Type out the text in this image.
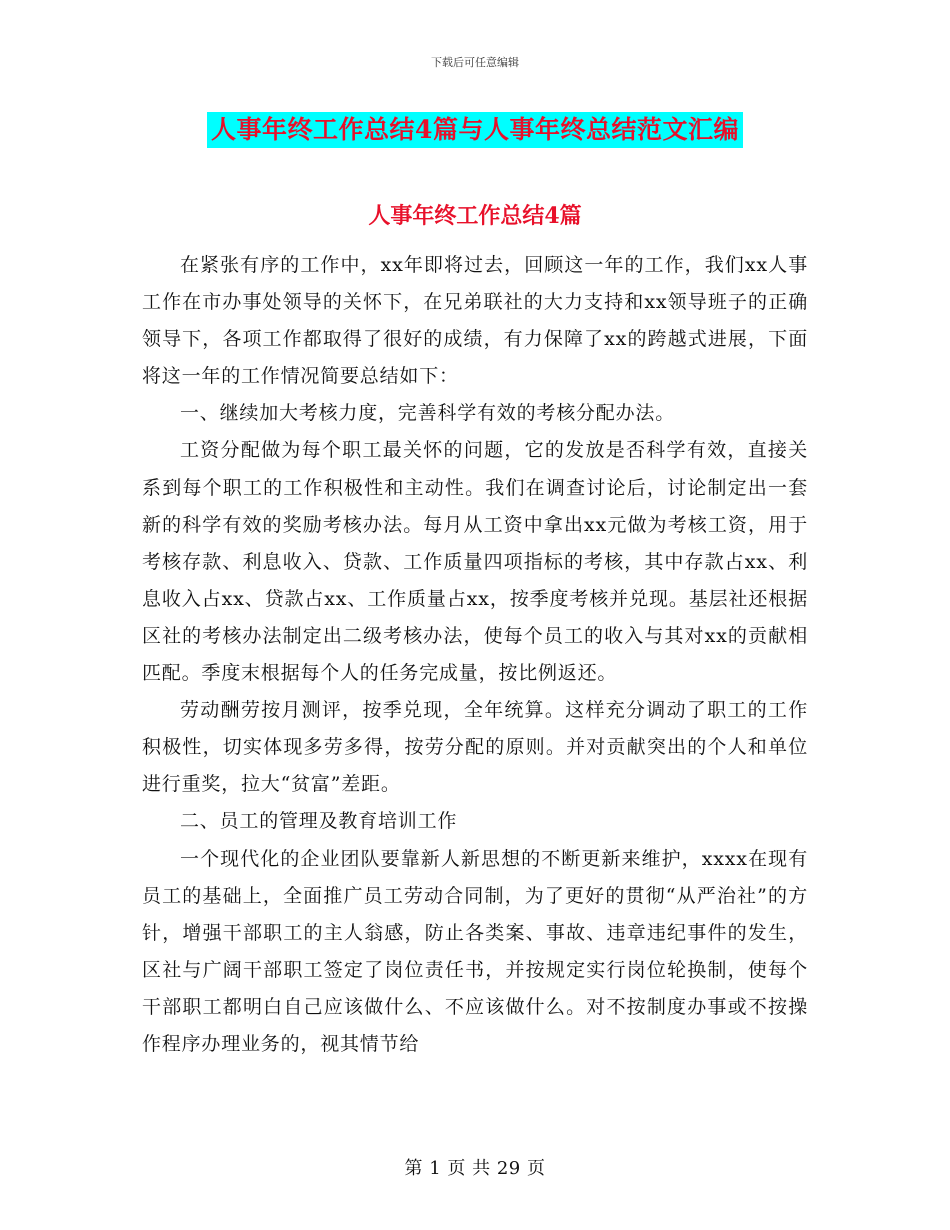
下载后可任意编辑
人事年终工作总结4篇与人事年终总结范文汇编
人事年终工作总结4篇

在紧张有序的工作中，xx年即将过去，回顾这一年的工作，我们xx人事工作在市办事处领导的关怀下，在兄弟联社的大力支持和xx领导班子的正确领导下，各项工作都取得了很好的成绩，有力保障了xx的跨越式进展，下面将这一年的工作情况简要总结如下：

一、继续加大考核力度，完善科学有效的考核分配办法。

工资分配做为每个职工最关怀的问题，它的发放是否科学有效，直接关系到每个职工的工作积极性和主动性。我们在调查讨论后，讨论制定出一套新的科学有效的奖励考核办法。每月从工资中拿出xx元做为考核工资，用于考核存款、利息收入、贷款、工作质量四项指标的考核，其中存款占xx、利息收入占xx、贷款占xx、工作质量占xx，按季度考核并兑现。基层社还根据区社的考核办法制定出二级考核办法，使每个员工的收入与其对xx的贡献相匹配。季度末根据每个人的任务完成量，按比例返还。

劳动酬劳按月测评，按季兑现，全年统算。这样充分调动了职工的工作积极性，切实体现多劳多得，按劳分配的原则。并对贡献突出的个人和单位进行重奖，拉大“贫富”差距。

二、员工的管理及教育培训工作

一个现代化的企业团队要靠新人新思想的不断更新来维护，xxxx在现有员工的基础上，全面推广员工劳动合同制，为了更好的贯彻“从严治社”的方针，增强干部职工的主人翁感，防止各类案、事故、违章违纪事件的发生，区社与广阔干部职工签定了岗位责任书，并按规定实行岗位轮换制，使每个干部职工都明白自己应该做什么、不应该做什么。对不按制度办事或不按操作程序办理业务的，视其情节给

第 1 页 共 29 页
